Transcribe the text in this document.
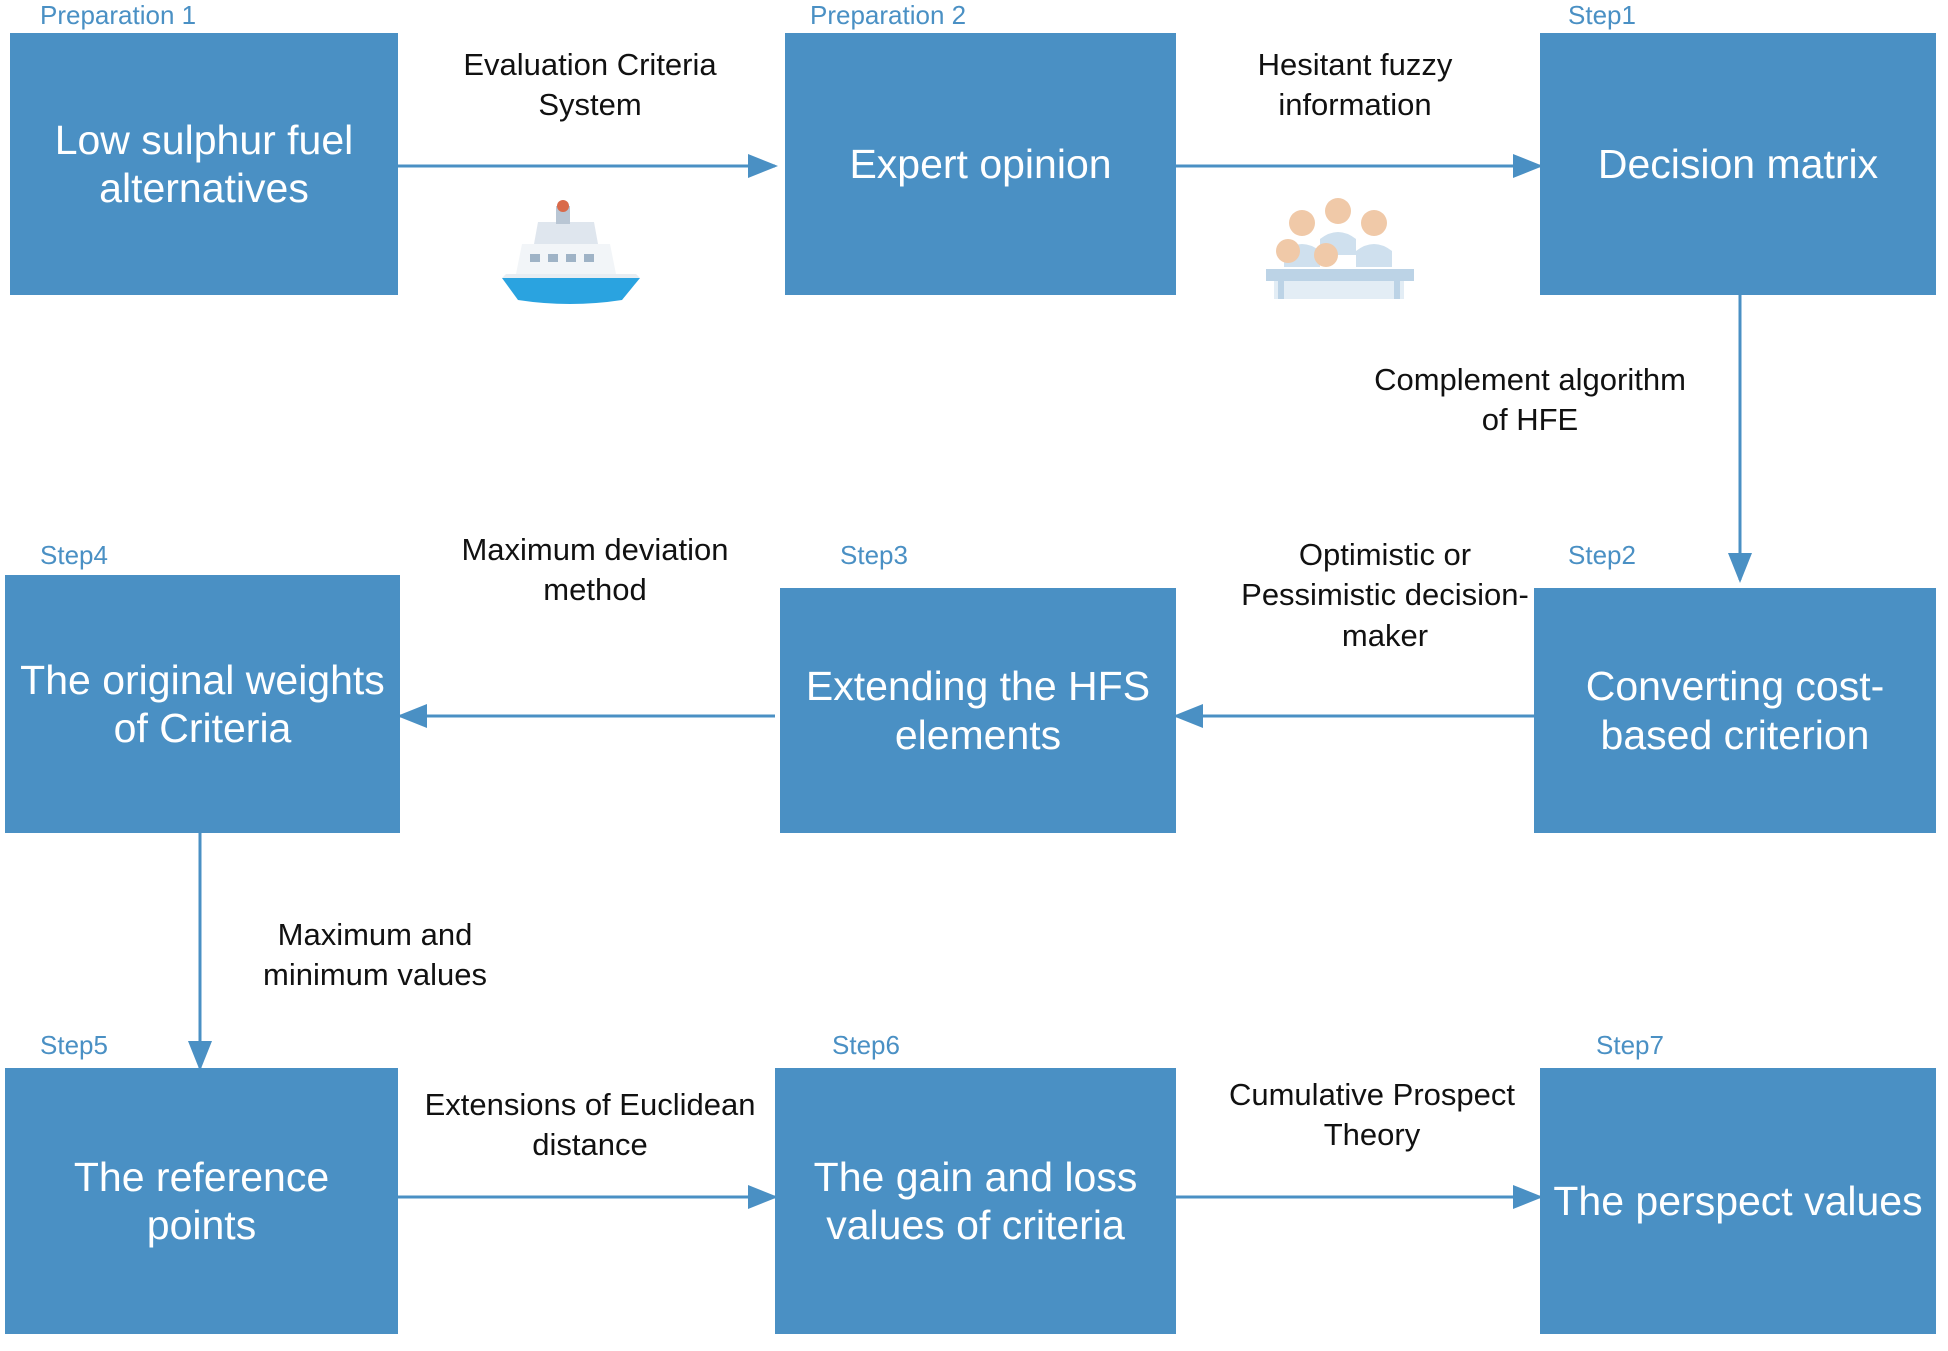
Preparation 1
Low sulphur fuel alternatives
Evaluation Criteria System
Preparation 2
Expert opinion
Hesitant fuzzy information
Step1
Decision matrix
Complement algorithm of HFE
Step4
The original weights of Criteria
Maximum deviation method
Step3
Extending the HFS elements
Optimistic or Pessimistic decision-maker
Step2
Converting cost-based criterion
Maximum and minimum values
Step5
The reference points
Extensions of Euclidean distance
Step6
The gain and loss values of criteria
Cumulative Prospect Theory
Step7
The perspect values
